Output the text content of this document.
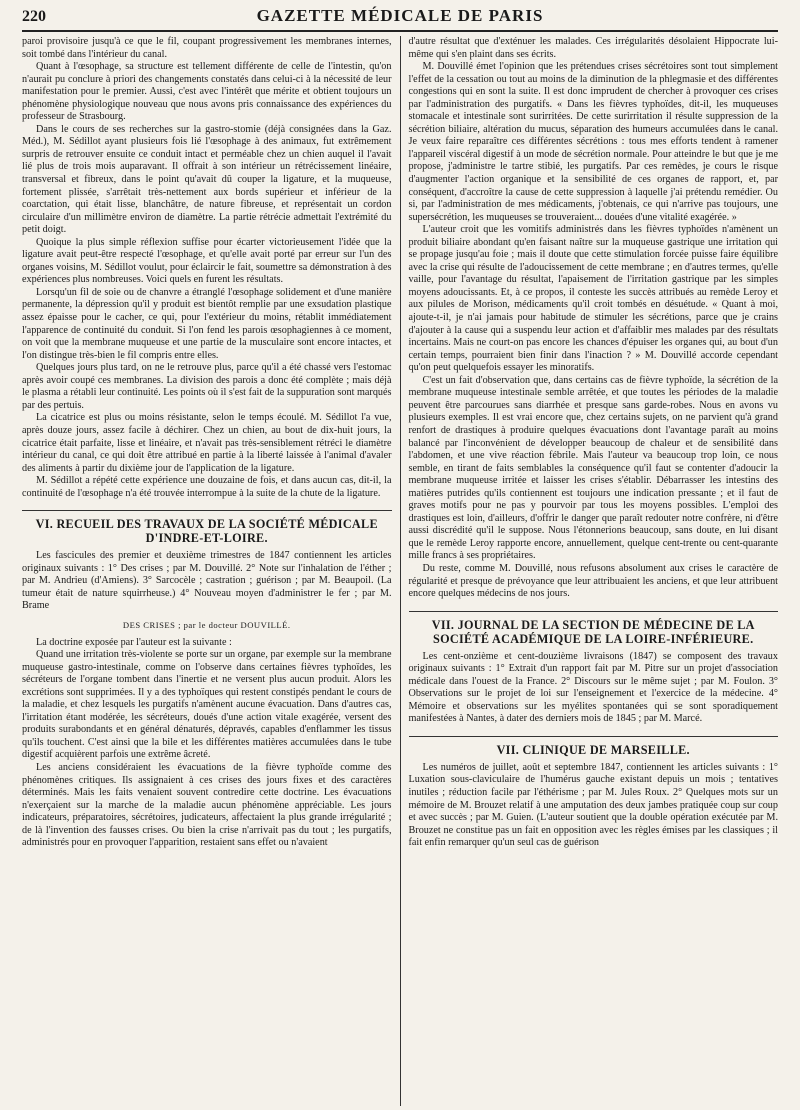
220	GAZETTE MÉDICALE DE PARIS

paroi provisoire jusqu'à ce que le fil, coupant progressivement les membranes internes, soit tombé dans l'intérieur du canal.

Quant à l'œsophage, sa structure est tellement différente de celle de l'intestin, qu'on n'aurait pu conclure à priori des changements constatés dans celui-ci à la nécessité de leur manifestation pour le premier. Aussi, c'est avec l'intérêt que mérite et obtient toujours un phénomène physiologique nouveau que nous avons pris connaissance des expériences du professeur de Strasbourg.

Dans le cours de ses recherches sur la gastro-stomie (déjà consignées dans la Gaz. Méd.), M. Sédillot ayant plusieurs fois lié l'œsophage à des animaux, fut extrêmement surpris de retrouver ensuite ce conduit intact et perméable chez un chien auquel il l'avait lié plus de trois mois auparavant. Il offrait à son intérieur un rétrécissement linéaire, transversal et fibreux, dans le point qu'avait dû couper la ligature, et la muqueuse, fortement plissée, s'arrêtait très-nettement aux bords supérieur et inférieur de la coarctation, qui était lisse, blanchâtre, de nature fibreuse, et représentait un cordon circulaire d'un millimètre environ de diamètre. La partie rétrécie admettait l'extrémité du petit doigt.

Quoique la plus simple réflexion suffise pour écarter victorieusement l'idée que la ligature avait peut-être respecté l'œsophage, et qu'elle avait porté par erreur sur l'un des organes voisins, M. Sédillot voulut, pour éclaircir le fait, soumettre sa démonstration à des expériences plus nombreuses. Voici quels en furent les résultats.

Lorsqu'un fil de soie ou de chanvre a étranglé l'œsophage solidement et d'une manière permanente, la dépression qu'il y produit est bientôt remplie par une exsudation plastique assez épaisse pour le cacher, ce qui, pour l'extérieur du moins, rétablit immédiatement l'apparence de continuité du conduit. Si l'on fend les parois œsophagiennes à ce moment, on voit que la membrane muqueuse et une partie de la musculaire sont encore intactes, et l'on distingue très-bien le fil compris entre elles.

Quelques jours plus tard, on ne le retrouve plus, parce qu'il a été chassé vers l'estomac après avoir coupé ces membranes. La division des parois a donc été complète ; mais déjà le plasma a rétabli leur continuité. Les points où il s'est fait de la suppuration sont marqués par des pertuis.

La cicatrice est plus ou moins résistante, selon le temps écoulé. M. Sédillot l'a vue, après douze jours, assez facile à déchirer. Chez un chien, au bout de dix-huit jours, la cicatrice était parfaite, lisse et linéaire, et n'avait pas très-sensiblement rétréci le diamètre intérieur du canal, ce qui doit être attribué en partie à la liberté laissée à l'animal d'avaler des aliments à partir du dixième jour de l'application de la ligature.

M. Sédillot a répété cette expérience une douzaine de fois, et dans aucun cas, dit-il, la continuité de l'œsophage n'a été trouvée interrompue à la suite de la chute de la ligature.

VI. RECUEIL DES TRAVAUX DE LA SOCIÉTÉ MÉDICALE D'INDRE-ET-LOIRE.

Les fascicules des premier et deuxième trimestres de 1847 contiennent les articles originaux suivants : 1° Des crises ; par M. Douvillé. 2° Note sur l'inhalation de l'éther ; par M. Andrieu (d'Amiens). 3° Sarcocèle ; castration ; guérison ; par M. Beaupoil. (La tumeur était de nature squirrheuse.) 4° Nouveau moyen d'administrer le fer ; par M. Brame

DES CRISES ; par le docteur DOUVILLÉ.

La doctrine exposée par l'auteur est la suivante :

Quand une irritation très-violente se porte sur un organe, par exemple sur la membrane muqueuse gastro-intestinale, comme on l'observe dans certaines fièvres typhoïdes, les sécréteurs de l'organe tombent dans l'inertie et ne versent plus aucun produit. Alors les excrétions sont supprimées. Il y a des typhoïques qui restent constipés pendant le cours de la maladie, et chez lesquels les purgatifs n'amènent aucune évacuation. Dans d'autres cas, l'irritation étant modérée, les sécréteurs, doués d'une action vitale exagérée, versent des produits surabondants et en général dénaturés, dépravés, capables d'enflammer les tissus qu'ils touchent. C'est ainsi que la bile et les différentes matières accumulées dans le tube digestif acquièrent parfois une extrême âcreté.

Les anciens considéraient les évacuations de la fièvre typhoïde comme des phénomènes critiques. Ils assignaient à ces crises des jours fixes et des caractères déterminés. Mais les faits venaient souvent contredire cette doctrine. Les évacuations n'exerçaient sur la marche de la maladie aucun phénomène appréciable. Les jours indicateurs, préparatoires, sécrétoires, judicateurs, affectaient la plus grande irrégularité ; de là l'invention des fausses crises. Ou bien la crise n'arrivait pas du tout ; les purgatifs, administrés pour en provoquer l'apparition, restaient sans effet ou n'avaient

d'autre résultat que d'exténuer les malades. Ces irrégularités désolaient Hippocrate lui-même qui s'en plaint dans ses écrits.

M. Douvillé émet l'opinion que les prétendues crises sécrétoires sont tout simplement l'effet de la cessation ou tout au moins de la diminution de la phlegmasie et des différentes congestions qui en sont la suite. Il est donc imprudent de chercher à provoquer ces crises par l'administration des purgatifs. « Dans les fièvres typhoïdes, dit-il, les muqueuses stomacale et intestinale sont surirritées. De cette surirritation il résulte suppression de la sécrétion biliaire, altération du mucus, séparation des humeurs accumulées dans le canal. Je veux faire reparaître ces différentes sécrétions : tous mes efforts tendent à ramener l'appareil viscéral digestif à un mode de sécrétion normale. Pour atteindre le but que je me propose, j'administre le tartre stibié, les purgatifs. Par ces remèdes, je cours le risque d'augmenter l'action organique et la sensibilité de ces organes de rapport, et, par conséquent, d'accroître la cause de cette suppression à laquelle j'ai prétendu remédier. Ou si, par l'administration de mes médicaments, j'obtenais, ce qui n'arrive pas toujours, une supersécrétion, les muqueuses se trouveraient... douées d'une vitalité exagérée. »

L'auteur croit que les vomitifs administrés dans les fièvres typhoïdes n'amènent un produit biliaire abondant qu'en faisant naître sur la muqueuse gastrique une irritation qui se propage jusqu'au foie ; mais il doute que cette stimulation forcée puisse faire équilibre avec la crise qui résulte de l'adoucissement de cette membrane ; en d'autres termes, qu'elle vaille, pour l'avantage du résultat, l'apaisement de l'irritation gastrique par les simples moyens adoucissants. Et, à ce propos, il conteste les succès attribués au remède Leroy et aux pilules de Morison, médicaments qu'il croit tombés en désuétude. « Quant à moi, ajoute-t-il, je n'ai jamais pour habitude de stimuler les sécrétions, parce que je crains d'ajouter à la cause qui a suspendu leur action et d'affaiblir mes malades par des résultats incertains. Mais ne court-on pas encore les chances d'épuiser les organes qui, au bout d'un certain temps, pourraient bien finir dans l'inaction ? » M. Douvillé accorde cependant qu'on peut quelquefois essayer les minoratifs.

C'est un fait d'observation que, dans certains cas de fièvre typhoïde, la sécrétion de la membrane muqueuse intestinale semble arrêtée, et que toutes les périodes de la maladie peuvent être parcourues sans diarrhée et presque sans garde-robes. Nous en avons vu plusieurs exemples. Il est vrai encore que, chez certains sujets, on ne parvient qu'à grand renfort de drastiques à produire quelques évacuations dont l'avantage paraît au moins balancé par l'inconvénient de développer beaucoup de chaleur et de sensibilité dans l'abdomen, et une vive réaction fébrile. Mais l'auteur va beaucoup trop loin, ce nous semble, en tirant de faits semblables la conséquence qu'il faut se contenter d'adoucir la membrane muqueuse irritée et laisser les crises s'établir. Débarrasser les intestins des matières putrides qu'ils contiennent est toujours une indication pressante ; et il faut de graves motifs pour ne pas y pourvoir par tous les moyens possibles. L'emploi des drastiques est loin, d'ailleurs, d'offrir le danger que paraît redouter notre confrère, ni d'être aussi discrédité qu'il le suppose. Nous l'étonnerions beaucoup, sans doute, en lui disant que le remède Leroy rapporte encore, annuellement, quelque cent-trente ou cent-quarante mille francs à ses propriétaires.

Du reste, comme M. Douvillé, nous refusons absolument aux crises le caractère de régularité et presque de prévoyance que leur attribuaient les anciens, et que leur attribuent encore quelques médecins de nos jours.

VII. JOURNAL DE LA SECTION DE MÉDECINE DE LA SOCIÉTÉ ACADÉMIQUE DE LA LOIRE-INFÉRIEURE.

Les cent-onzième et cent-douzième livraisons (1847) se composent des travaux originaux suivants : 1° Extrait d'un rapport fait par M. Pitre sur un projet d'association médicale dans l'ouest de la France. 2° Discours sur le même sujet ; par M. Foulon. 3° Observations sur le projet de loi sur l'enseignement et l'exercice de la médecine. 4° Mémoire et observations sur les myélites spontanées qui se sont sporadiquement manifestées à Nantes, à dater des derniers mois de 1845 ; par M. Marcé.

VII. CLINIQUE DE MARSEILLE.

Les numéros de juillet, août et septembre 1847, contiennent les articles suivants : 1° Luxation sous-claviculaire de l'humérus gauche existant depuis un mois ; tentatives inutiles ; réduction facile par l'éthérisme ; par M. Jules Roux. 2° Quelques mots sur un mémoire de M. Brouzet relatif à une amputation des deux jambes pratiquée coup sur coup et avec succès ; par M. Guien. (L'auteur soutient que la double opération exécutée par M. Brouzet ne constitue pas un fait en opposition avec les règles émises par les classiques ; il fait enfin remarquer qu'un seul cas de guérison
